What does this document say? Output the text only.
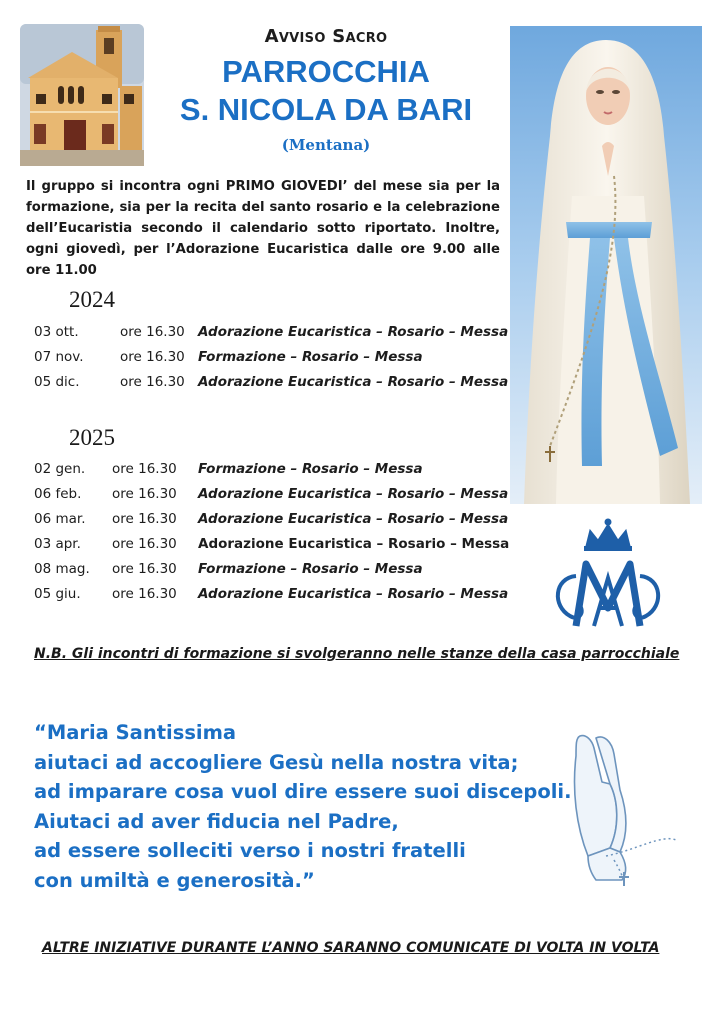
Avviso Sacro
PARROCCHIA
S. NICOLA DA BARI
(Mentana)
Il gruppo si incontra ogni PRIMO GIOVEDI’ del mese sia per la formazione, sia per la recita del santo rosario e la celebrazione dell’Eucaristia secondo il calendario sotto riportato. Inoltre, ogni giovedì, per l’Adorazione Eucaristica dalle ore 9.00 alle ore 11.00
2024
03 ott.	ore 16.30 Adorazione Eucaristica – Rosario – Messa
07 nov.	ore 16.30 Formazione – Rosario – Messa
05 dic.	ore 16.30 Adorazione Eucaristica – Rosario – Messa
2025
02 gen. ore 16.30 Formazione – Rosario – Messa
06 feb. ore 16.30 Adorazione Eucaristica – Rosario – Messa
06 mar. ore 16.30 Adorazione Eucaristica – Rosario – Messa
03 apr. ore 16.30 Adorazione Eucaristica – Rosario – Messa
08 mag. ore 16.30 Formazione – Rosario – Messa
05 giu. ore 16.30 Adorazione Eucaristica – Rosario – Messa
N.B. Gli incontri di formazione si svolgeranno nelle stanze della casa parrocchiale
“Maria Santissima
aiutaci ad accogliere Gesù nella nostra vita;
ad imparare cosa vuol dire essere suoi discepoli.
Aiutaci ad aver fiducia nel Padre,
ad essere solleciti verso i nostri fratelli
con umiltà e generosità.”
ALTRE INIZIATIVE DURANTE L’ANNO SARANNO COMUNICATE DI VOLTA IN VOLTA
